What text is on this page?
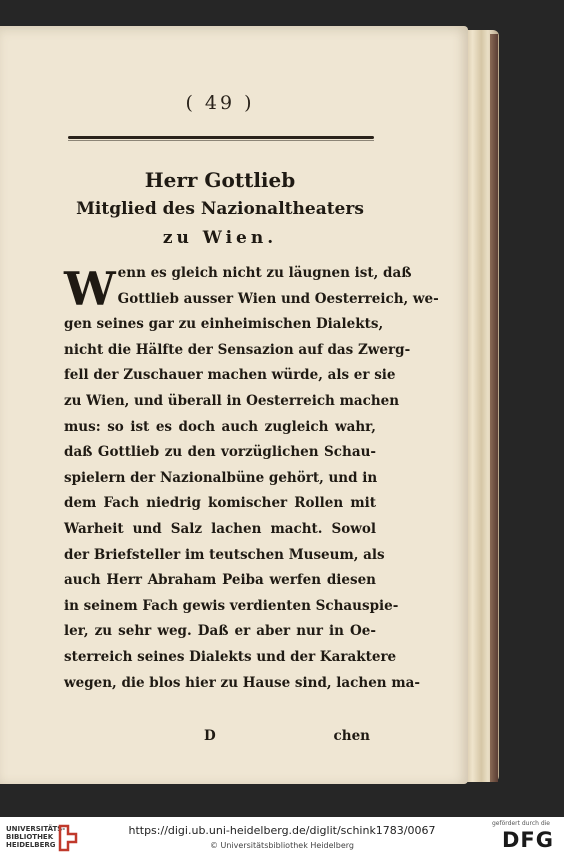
( 49 )
Herr Gottlieb
Mitglied des Nazionaltheaters
zu Wien.
W enn es gleich nicht zu läugnen ist, daß
Gottlieb ausser Wien und Oesterreich, we-
gen seines gar zu einheimischen Dialekts,
nicht die Hälfte der Sensazion auf das Zwerg-
fell der Zuschauer machen würde, als er sie
zu Wien, und überall in Oesterreich machen
mus: so ist es doch auch zugleich wahr,
daß Gottlieb zu den vorzüglichen Schau-
spielern der Nazionalbüne gehört, und in
dem Fach niedrig komischer Rollen mit
Warheit und Salz lachen macht. Sowol
der Briefsteller im teutschen Museum, als
auch Herr Abraham Peiba werfen diesen
in seinem Fach gewis verdienten Schauspie-
ler, zu sehr weg. Daß er aber nur in Oe-
sterreich seines Dialekts und der Karaktere
wegen, die blos hier zu Hause sind, lachen ma-
D	chen
UNIVERSITÄTS-
BIBLIOTHEK
HEIDELBERG
https://digi.ub.uni-heidelberg.de/diglit/schink1783/0067
© Universitätsbibliothek Heidelberg
gefördert durch die
DFG
